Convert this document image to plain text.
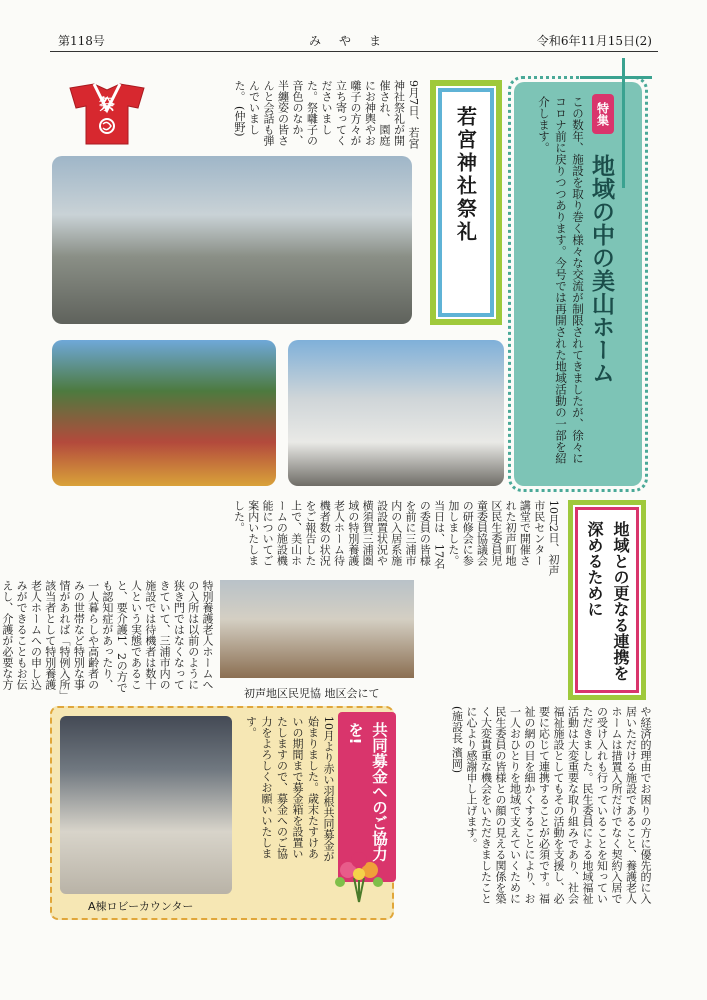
第118号	みやま	令和6年11月15日(2)
特集
地域の中の美山ホーム
この数年、施設を取り巻く様々な交流が制限されてきましたが、徐々にコロナ前に戻りつつあります。今号では再開された地域活動の一部を紹介します。
若宮神社祭礼
9月7日、若宮神社祭礼が開催され、園庭にお神輿やお囃子の方々が立ち寄ってくださいました。祭囃子の音色のなか、半纏姿の皆さんと会話も弾んでいました。 (仲野)
祭
地域との更なる連携を深めるために
10月2日、初声市民センター講堂で開催された初声町地区民生委員児童委員協議会の研修会に参加しました。当日は、17名の委員の皆様を前に三浦市内の入居系施設設置状況や横須賀三浦圏域の特別養護老人ホーム待機者数の状況をご報告した上で、美山ホームの施設機能についてご案内いたしました。
特別養護老人ホームへの入所は以前のように狭き門ではなくなってきていて、三浦市内の施設では待機者は数十人という実態であること、要介護1、2の方でも認知症があったり、一人暮らしや高齢者のみの世帯など特別な事情があれば「特例入所」該当者として特別養護老人ホームへの申し込みができることもお伝えし、介護が必要な方
初声地区民児協 地区会にて
や経済的理由でお困りの方に優先的に入居いただける施設であること、養護老人ホームは措置入所だけでなく契約入居での受け入れも行っていることを知っていただきました。民生委員による地域福祉活動は大変重要な取り組みであり、社会福祉施設としてもその活動を支援し、必要に応じて連携することが必須です。福祉の網の目を細かくすることにより、お一人おひとりを地域で支えていくために民生委員の皆様との顔の見える関係を築く大変貴重な機会をいただきましたことに心より感謝申し上げます。 (施設長 濱岡)
A棟ロビーカウンター
10月より赤い羽根共同募金が始まりました。歳末たすけあいの期間まで募金箱を設置いたしますので、募金へのご協力をよろしくお願いいたします。	共同募金へのご協力を!
